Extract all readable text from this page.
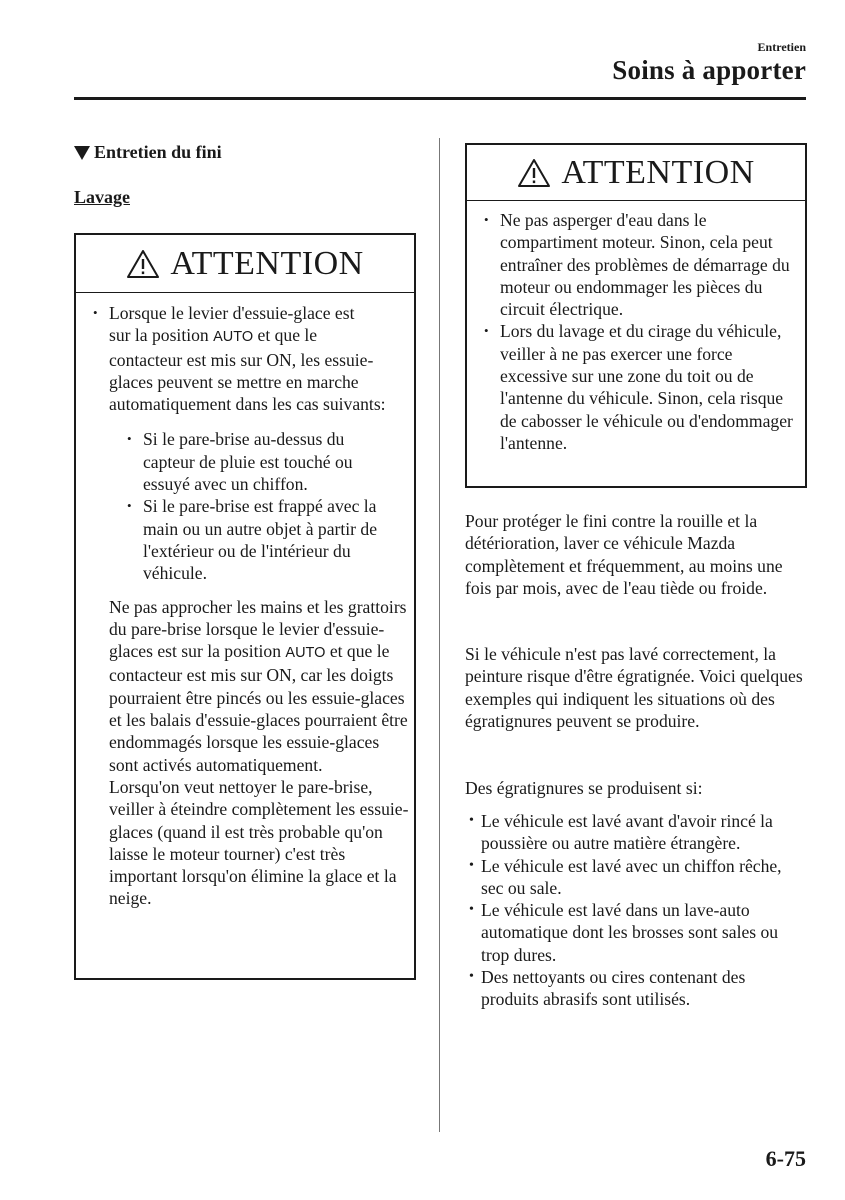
Entretien
Soins à apporter
Entretien du fini
Lavage
ATTENTION
• Lorsque le levier d'essuie-glace est
sur la position AUTO et que le
contacteur est mis sur ON, les essuie-glaces peuvent se mettre en marche automatiquement dans les cas suivants:
• Si le pare-brise au-dessus du capteur de pluie est touché ou essuyé avec un chiffon.
• Si le pare-brise est frappé avec la main ou un autre objet à partir de l'extérieur ou de l'intérieur du véhicule.
Ne pas approcher les mains et les grattoirs du pare-brise lorsque le levier d'essuie-glaces est sur la position AUTO et que le contacteur est mis sur ON, car les doigts pourraient être pincés ou les essuie-glaces et les balais d'essuie-glaces pourraient être endommagés lorsque les essuie-glaces sont activés automatiquement.
Lorsqu'on veut nettoyer le pare-brise, veiller à éteindre complètement les essuie-glaces (quand il est très probable qu'on laisse le moteur tourner) c'est très important lorsqu'on élimine la glace et la neige.
ATTENTION
• Ne pas asperger d'eau dans le compartiment moteur. Sinon, cela peut entraîner des problèmes de démarrage du moteur ou endommager les pièces du circuit électrique.
• Lors du lavage et du cirage du véhicule, veiller à ne pas exercer une force excessive sur une zone du toit ou de l'antenne du véhicule. Sinon, cela risque de cabosser le véhicule ou d'endommager l'antenne.
Pour protéger le fini contre la rouille et la détérioration, laver ce véhicule Mazda complètement et fréquemment, au moins une fois par mois, avec de l'eau tiède ou froide.
Si le véhicule n'est pas lavé correctement, la peinture risque d'être égratignée. Voici quelques exemples qui indiquent les situations où des égratignures peuvent se produire.
Des égratignures se produisent si:
• Le véhicule est lavé avant d'avoir rincé la poussière ou autre matière étrangère.
• Le véhicule est lavé avec un chiffon rêche, sec ou sale.
• Le véhicule est lavé dans un lave-auto automatique dont les brosses sont sales ou trop dures.
• Des nettoyants ou cires contenant des produits abrasifs sont utilisés.
6-75
